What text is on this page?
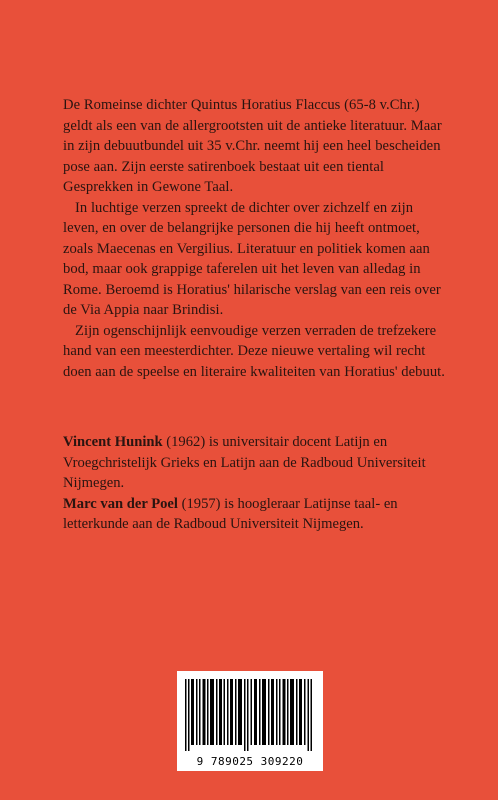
De Romeinse dichter Quintus Horatius Flaccus (65-8 v.Chr.) geldt als een van de allergrootsten uit de antieke literatuur. Maar in zijn debuutbundel uit 35 v.Chr. neemt hij een heel bescheiden pose aan. Zijn eerste satirenboek bestaat uit een tiental Gesprekken in Gewone Taal.

In luchtige verzen spreekt de dichter over zichzelf en zijn leven, en over de belangrijke personen die hij heeft ontmoet, zoals Maecenas en Vergilius. Literatuur en politiek komen aan bod, maar ook grappige taferelen uit het leven van alledag in Rome. Beroemd is Horatius' hilarische verslag van een reis over de Via Appia naar Brindisi.

Zijn ogenschijnlijk eenvoudige verzen verraden de trefzekere hand van een meesterdichter. Deze nieuwe vertaling wil recht doen aan de speelse en literaire kwaliteiten van Horatius' debuut.

Vincent Hunink (1962) is universitair docent Latijn en Vroegchristelijk Grieks en Latijn aan de Radboud Universiteit Nijmegen.

Marc van der Poel (1957) is hoogleraar Latijnse taal- en letterkunde aan de Radboud Universiteit Nijmegen.

9 789025 309220
